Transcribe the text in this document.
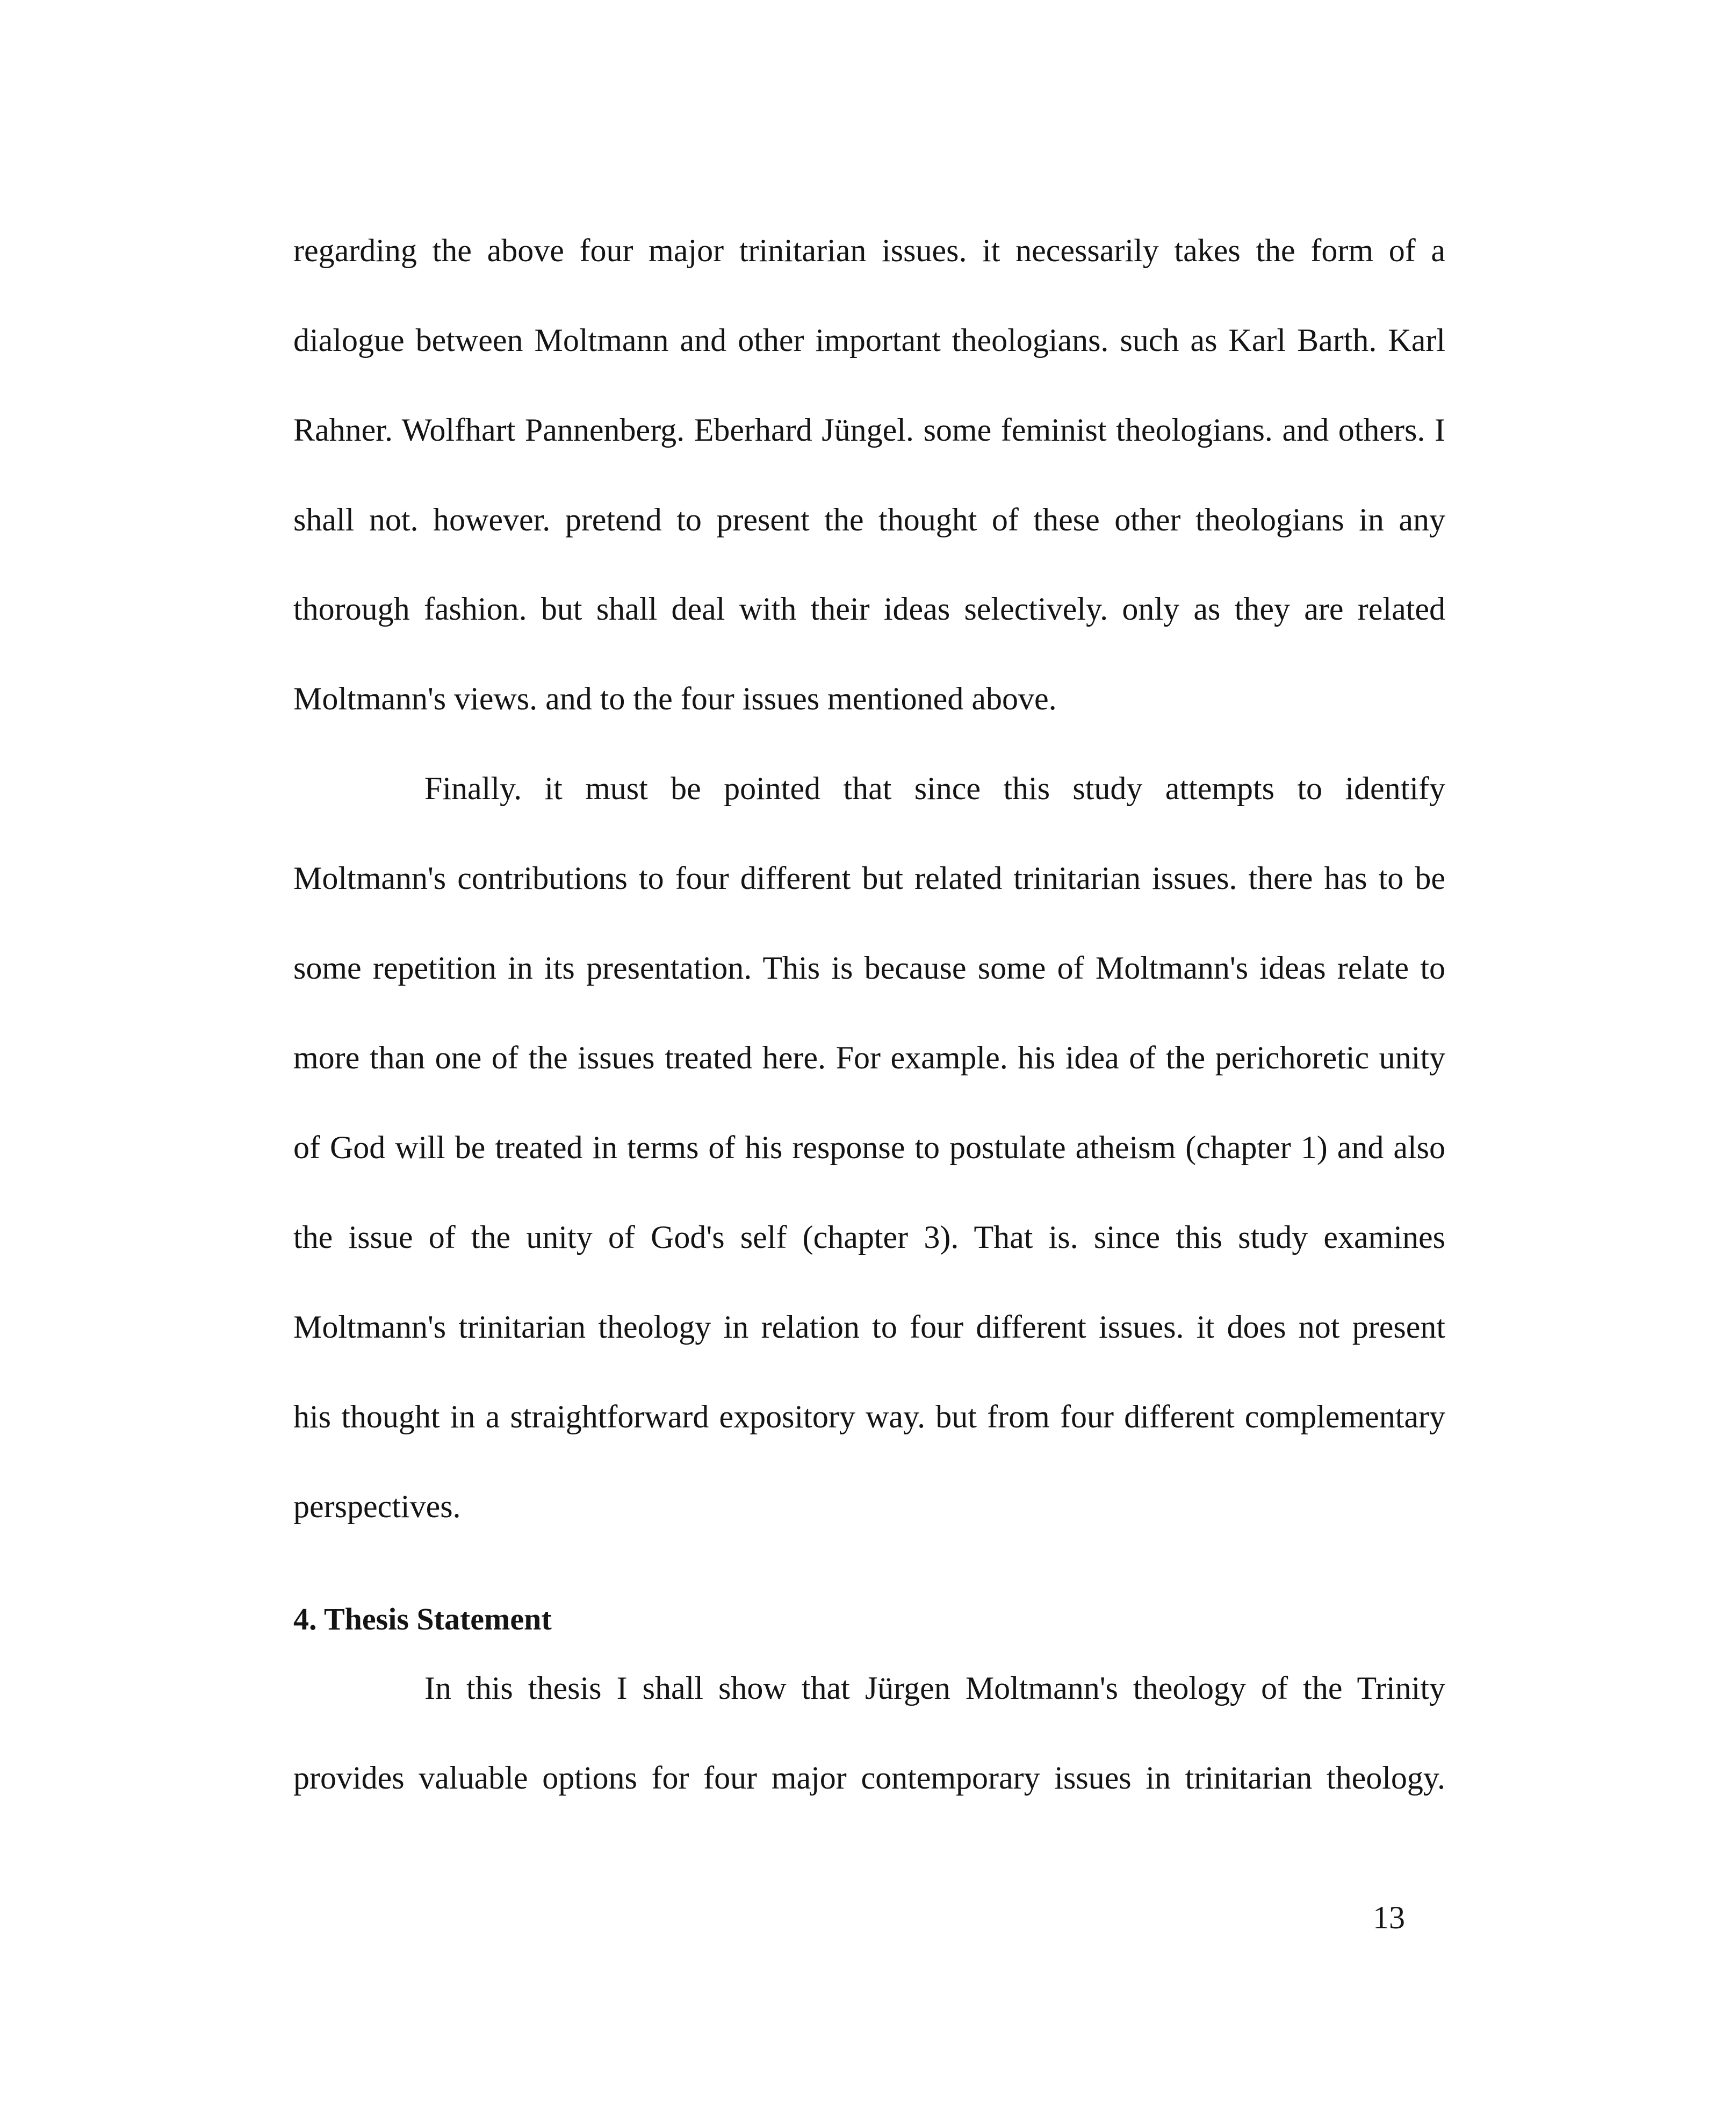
regarding the above four major trinitarian issues. it necessarily takes the form of a
dialogue between Moltmann and other important theologians. such as Karl Barth. Karl
Rahner. Wolfhart Pannenberg. Eberhard Jüngel. some feminist theologians. and others. I
shall not. however. pretend to present the thought of these other theologians in any
thorough fashion. but shall deal with their ideas selectively. only as they are related
Moltmann's views. and to the four issues mentioned above.
Finally. it must be pointed that since this study attempts to identify
Moltmann's contributions to four different but related trinitarian issues. there has to be
some repetition in its presentation. This is because some of Moltmann's ideas relate to
more than one of the issues treated here. For example. his idea of the perichoretic unity
of God will be treated in terms of his response to postulate atheism (chapter 1) and also
the issue of the unity of God's self (chapter 3). That is. since this study examines
Moltmann's trinitarian theology in relation to four different issues. it does not present
his thought in a straightforward expository way. but from four different complementary
perspectives.
4. Thesis Statement
In this thesis I shall show that Jürgen Moltmann's theology of the Trinity
provides valuable options for four major contemporary issues in trinitarian theology.
13
